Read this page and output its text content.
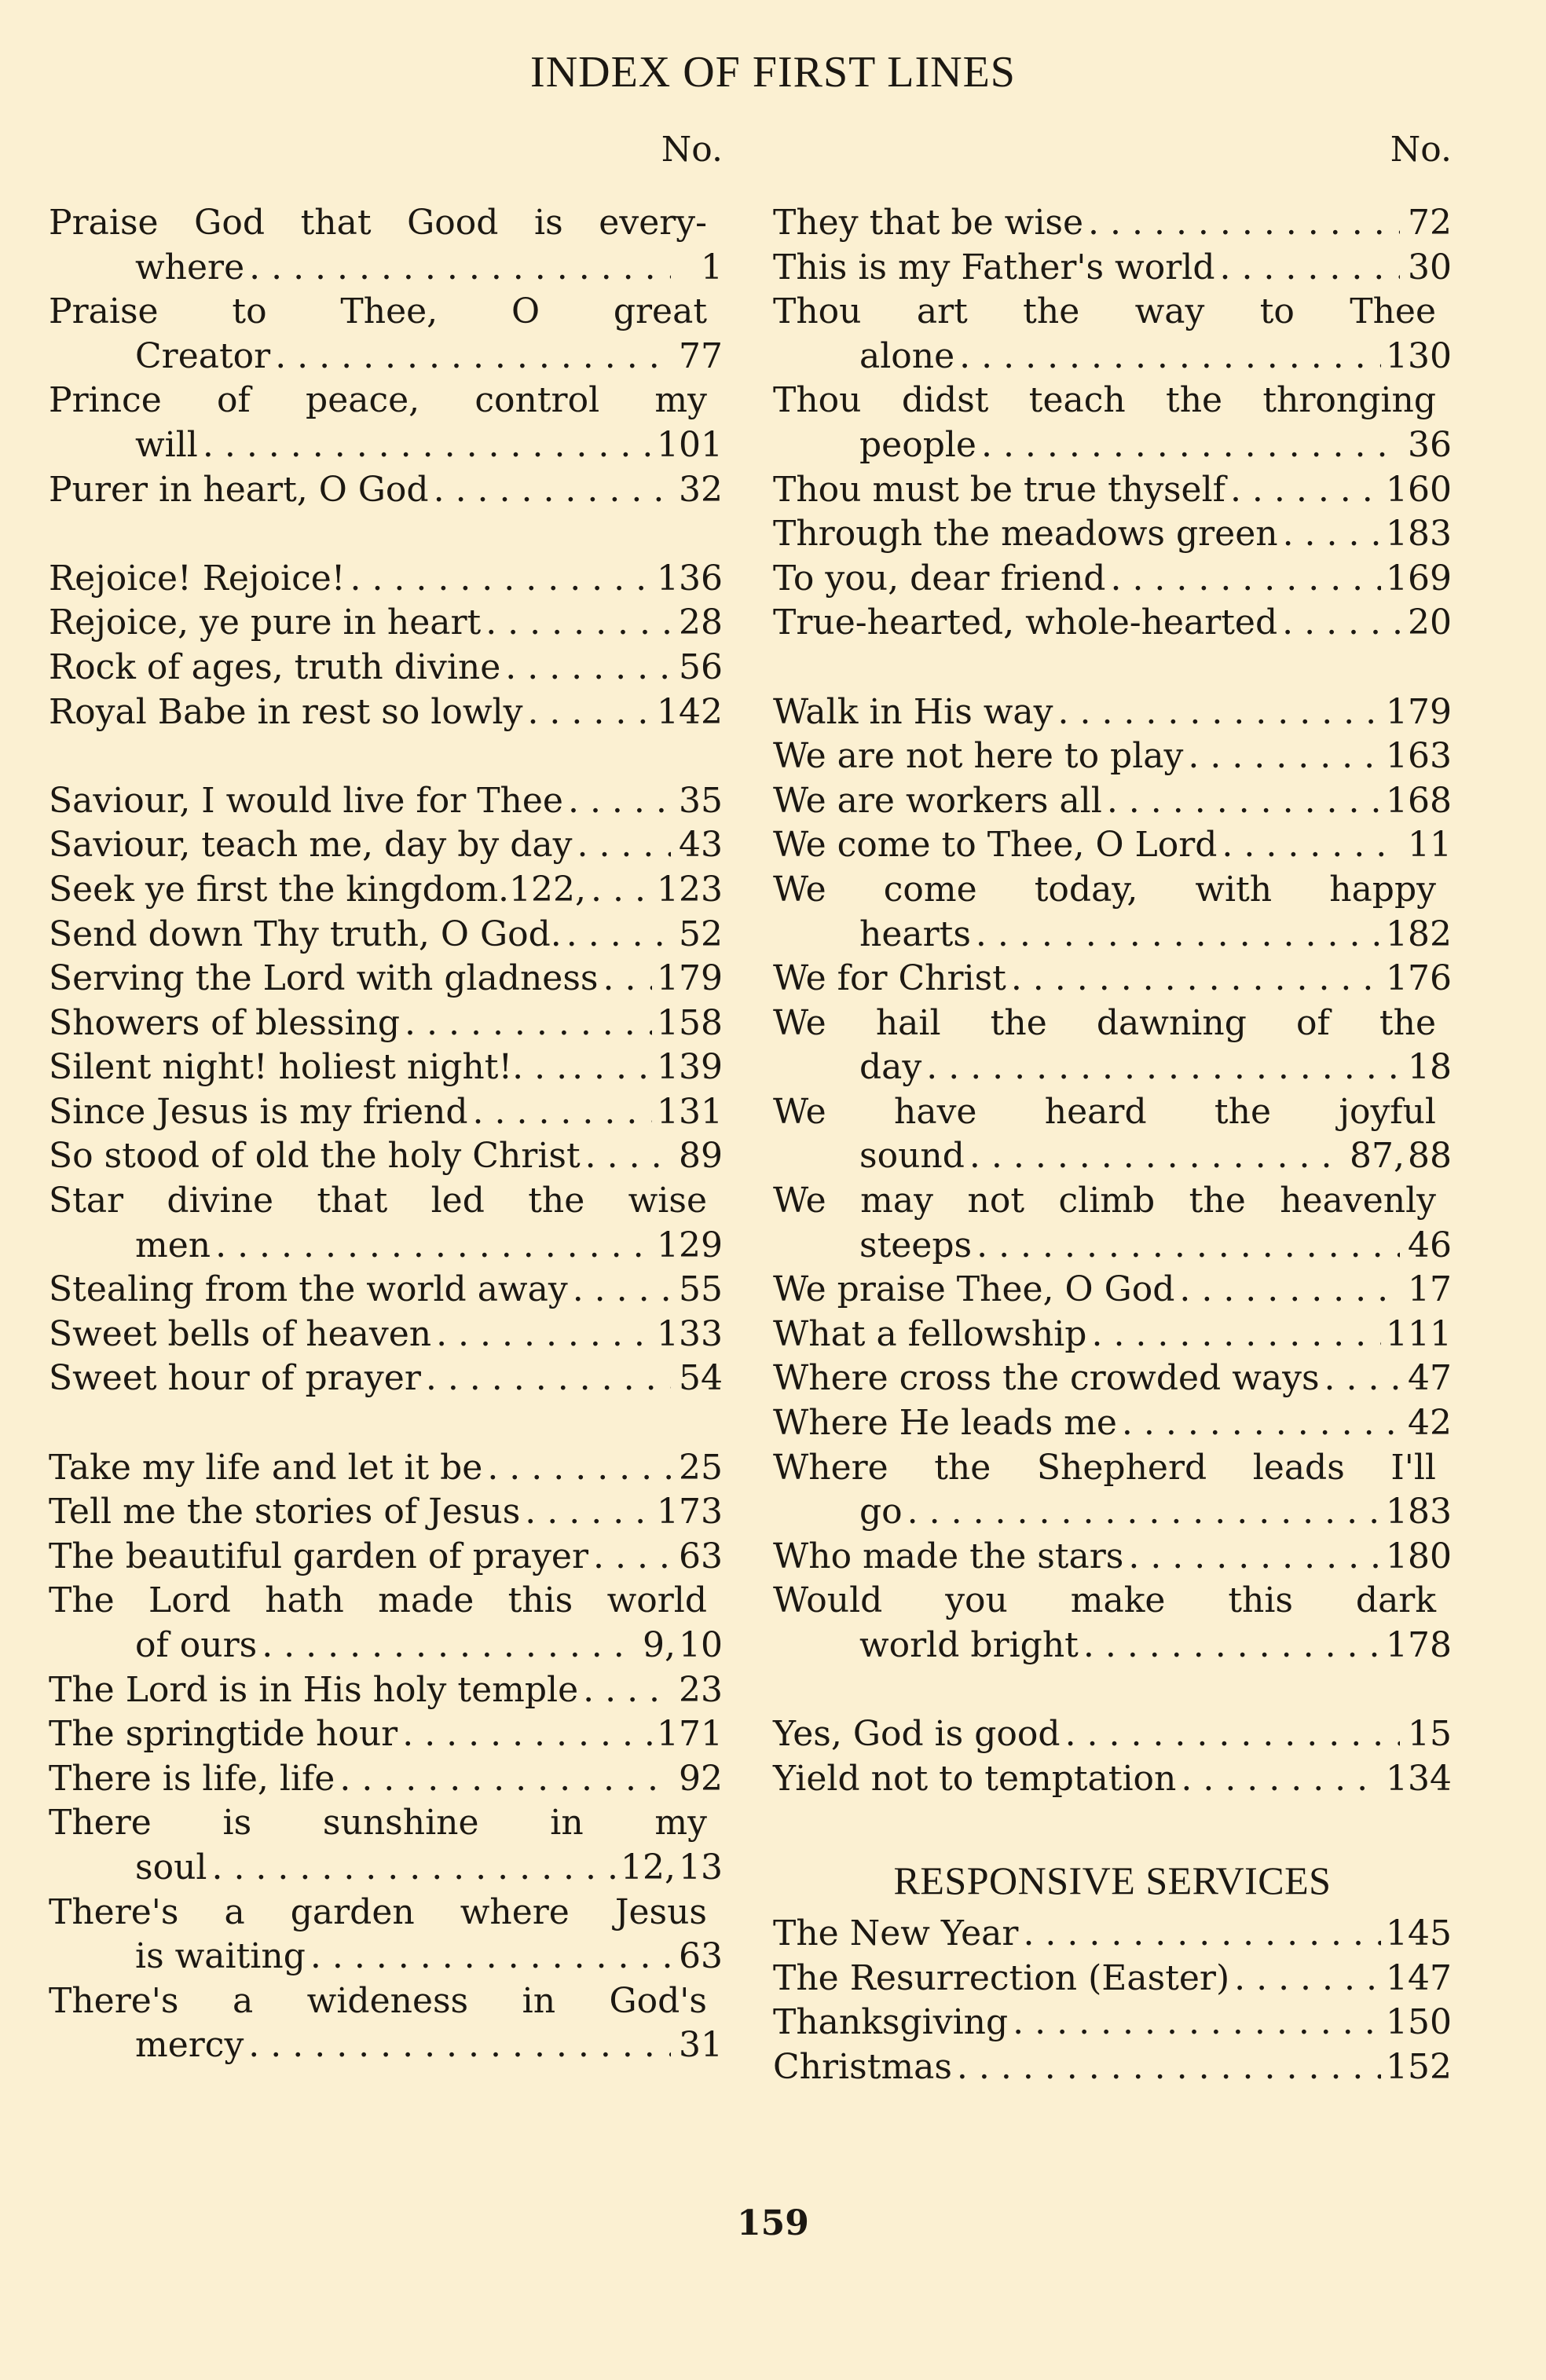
INDEX OF FIRST LINES
No.
Praise God that Good is every-
where . . .	1
Praise to Thee, O great
Creator . . .	77
Prince of peace, control my
will . . .	101
Purer in heart, O God . . .	32
Rejoice! Rejoice! . . .	136
Rejoice, ye pure in heart . . .	28
Rock of ages, truth divine . . .	56
Royal Babe in rest so lowly . . .	142
Saviour, I would live for Thee . . .	35
Saviour, teach me, day by day . . .	43
Seek ye first the kingdom.122, . . . 123
Send down Thy truth, O God. . . .	52
Serving the Lord with gladness . . . 179
Showers of blessing . . .	158
Silent night! holiest night!. . . . . .	139
Since Jesus is my friend . . .	131
So stood of old the holy Christ . . .	89
Star divine that led the wise
men . . .	129
Stealing from the world away . . .	55
Sweet bells of heaven . . .	133
Sweet hour of prayer . . .	54
Take my life and let it be . . .	25
Tell me the stories of Jesus . . .	173
The beautiful garden of prayer . . .	63
The Lord hath made this world
of ours . . .	9, 10
The Lord is in His holy temple . . .	23
The springtide hour . . .	171
There is life, life . . .	92
There is sunshine in my
soul . . .	12, 13
There's a garden where Jesus
is waiting . . .	63
There's a wideness in God's
mercy . . .	31
No.
They that be wise . . .	72
This is my Father's world . . .	30
Thou art the way to Thee
alone . . .	130
Thou didst teach the thronging
people . . .	36
Thou must be true thyself . . .	160
Through the meadows green . . .	183
To you, dear friend . . .	169
True-hearted, whole-hearted . . .	20
Walk in His way . . .	179
We are not here to play . . .	163
We are workers all . . .	168
We come to Thee, O Lord . . .	11
We come today, with happy
hearts . . .	182
We for Christ . . .	176
We hail the dawning of the
day . . .	18
We have heard the joyful
sound . . .	87, 88
We may not climb the heavenly
steeps . . .	46
We praise Thee, O God . . .	17
What a fellowship . . .	111
Where cross the crowded ways . . .	47
Where He leads me . . .	42
Where the Shepherd leads I'll
go . . .	183
Who made the stars . . .	180
Would you make this dark
world bright . . .	178
Yes, God is good . . .	15
Yield not to temptation . . .	134
RESPONSIVE SERVICES
The New Year . . .	145
The Resurrection (Easter) . . .	147
Thanksgiving . . .	150
Christmas . . .	152
159
